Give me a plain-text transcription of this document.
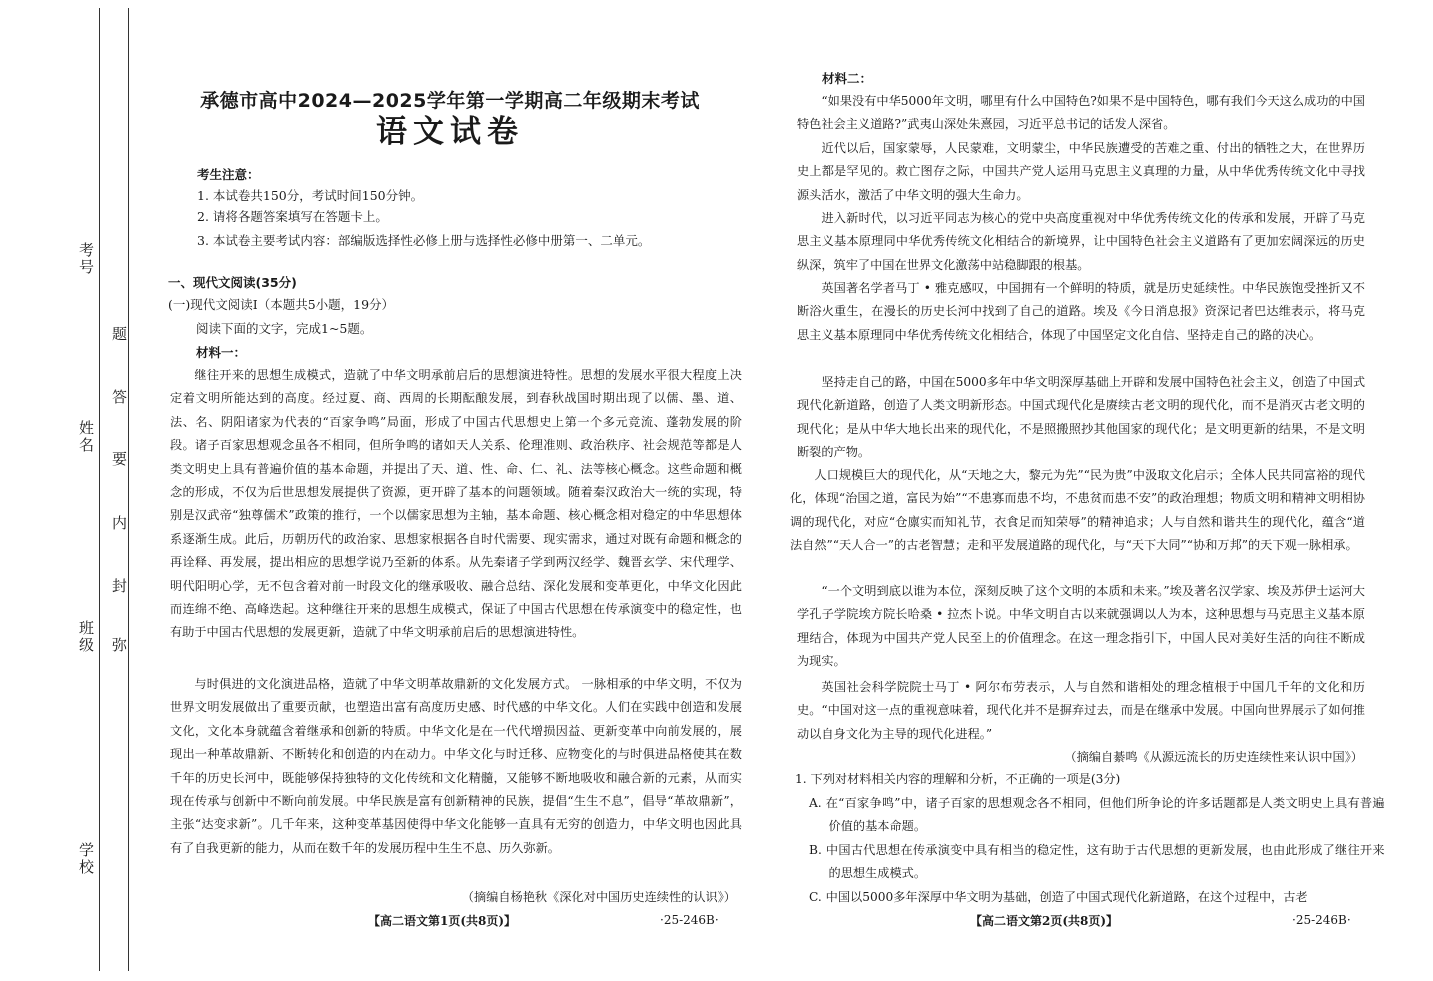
考号
姓名
班级
学校
题
答
要
内
封
弥
承德市高中2024—2025学年第一学期高二年级期末考试
语文试卷
考生注意：
1. 本试卷共150分，考试时间150分钟。
2. 请将各题答案填写在答题卡上。
3. 本试卷主要考试内容：部编版选择性必修上册与选择性必修中册第一、二单元。
一、现代文阅读(35分)
(一)现代文阅读I（本题共5小题，19分）
阅读下面的文字，完成1~5题。
材料一：
继往开来的思想生成模式，造就了中华文明承前启后的思想演进特性。思想的发展水平很大程度上决定着文明所能达到的高度。经过夏、商、西周的长期酝酿发展，到春秋战国时期出现了以儒、墨、道、法、名、阴阳诸家为代表的“百家争鸣”局面，形成了中国古代思想史上第一个多元竞流、蓬勃发展的阶段。诸子百家思想观念虽各不相同，但所争鸣的诸如天人关系、伦理准则、政治秩序、社会规范等都是人类文明史上具有普遍价值的基本命题，并提出了天、道、性、命、仁、礼、法等核心概念。这些命题和概念的形成，不仅为后世思想发展提供了资源，更开辟了基本的问题领域。随着秦汉政治大一统的实现，特别是汉武帝“独尊儒术”政策的推行，一个以儒家思想为主轴，基本命题、核心概念相对稳定的中华思想体系逐渐生成。此后，历朝历代的政治家、思想家根据各自时代需要、现实需求，通过对既有命题和概念的再诠释、再发展，提出相应的思想学说乃至新的体系。从先秦诸子学到两汉经学、魏晋玄学、宋代理学、明代阳明心学，无不包含着对前一时段文化的继承吸收、融合总结、深化发展和变革更化，中华文化因此而连绵不绝、高峰迭起。这种继往开来的思想生成模式，保证了中国古代思想在传承演变中的稳定性，也有助于中国古代思想的发展更新，造就了中华文明承前启后的思想演进特性。
与时俱进的文化演进品格，造就了中华文明革故鼎新的文化发展方式。 一脉相承的中华文明，不仅为世界文明发展做出了重要贡献，也塑造出富有高度历史感、时代感的中华文化。人们在实践中创造和发展文化，文化本身就蕴含着继承和创新的特质。中华文化是在一代代增损因益、更新变革中向前发展的，展现出一种革故鼎新、不断转化和创造的内在动力。中华文化与时迁移、应物变化的与时俱进品格使其在数千年的历史长河中，既能够保持独特的文化传统和文化精髓，又能够不断地吸收和融合新的元素，从而实现在传承与创新中不断向前发展。中华民族是富有创新精神的民族，提倡“生生不息”，倡导“革故鼎新”，主张“达变求新”。几千年来，这种变革基因使得中华文化能够一直具有无穷的创造力，中华文明也因此具有了自我更新的能力，从而在数千年的发展历程中生生不息、历久弥新。
（摘编自杨艳秋《深化对中国历史连续性的认识》）
【高二语文第1页(共8页)】	·25-246B·
材料二：
“如果没有中华5000年文明，哪里有什么中国特色?如果不是中国特色，哪有我们今天这么成功的中国特色社会主义道路?”武夷山深处朱熹园，习近平总书记的话发人深省。
近代以后，国家蒙辱，人民蒙难，文明蒙尘，中华民族遭受的苦难之重、付出的牺牲之大，在世界历史上都是罕见的。救亡图存之际，中国共产党人运用马克思主义真理的力量，从中华优秀传统文化中寻找源头活水，激活了中华文明的强大生命力。
进入新时代，以习近平同志为核心的党中央高度重视对中华优秀传统文化的传承和发展，开辟了马克思主义基本原理同中华优秀传统文化相结合的新境界，让中国特色社会主义道路有了更加宏阔深远的历史纵深，筑牢了中国在世界文化激荡中站稳脚跟的根基。
英国著名学者马丁 • 雅克感叹，中国拥有一个鲜明的特质，就是历史延续性。中华民族饱受挫折又不断浴火重生，在漫长的历史长河中找到了自己的道路。埃及《今日消息报》资深记者巴达维表示，将马克思主义基本原理同中华优秀传统文化相结合，体现了中国坚定文化自信、坚持走自己的路的决心。
坚持走自己的路，中国在5000多年中华文明深厚基础上开辟和发展中国特色社会主义，创造了中国式现代化新道路，创造了人类文明新形态。中国式现代化是赓续古老文明的现代化，而不是消灭古老文明的现代化；是从中华大地长出来的现代化，不是照搬照抄其他国家的现代化；是文明更新的结果，不是文明断裂的产物。
人口规模巨大的现代化，从“天地之大，黎元为先”“民为贵”中汲取文化启示；全体人民共同富裕的现代化，体现“治国之道，富民为始”“不患寡而患不均，不患贫而患不安”的政治理想；物质文明和精神文明相协调的现代化，对应“仓廪实而知礼节，衣食足而知荣辱”的精神追求；人与自然和谐共生的现代化，蕴含“道法自然”“天人合一”的古老智慧；走和平发展道路的现代化，与“天下大同”“协和万邦”的天下观一脉相承。
“一个文明到底以谁为本位，深刻反映了这个文明的本质和未来。”埃及著名汉学家、埃及苏伊士运河大学孔子学院埃方院长哈桑 • 拉杰卜说。中华文明自古以来就强调以人为本，这种思想与马克思主义基本原理结合，体现为中国共产党人民至上的价值理念。在这一理念指引下，中国人民对美好生活的向往不断成为现实。
英国社会科学院院士马丁 • 阿尔布劳表示，人与自然和谐相处的理念植根于中国几千年的文化和历史。“中国对这一点的重视意味着，现代化并不是摒弃过去，而是在继承中发展。中国向世界展示了如何推动以自身文化为主导的现代化进程。”
（摘编自綦鸣《从源远流长的历史连续性来认识中国》）
1. 下列对材料相关内容的理解和分析，不正确的一项是(3分)
A. 在“百家争鸣”中，诸子百家的思想观念各不相同，但他们所争论的许多话题都是人类文明史上具有普遍价值的基本命题。
B. 中国古代思想在传承演变中具有相当的稳定性，这有助于古代思想的更新发展，也由此形成了继往开来的思想生成模式。
C. 中国以5000多年深厚中华文明为基础，创造了中国式现代化新道路，在这个过程中，古老
【高二语文第2页(共8页)】	·25-246B·
